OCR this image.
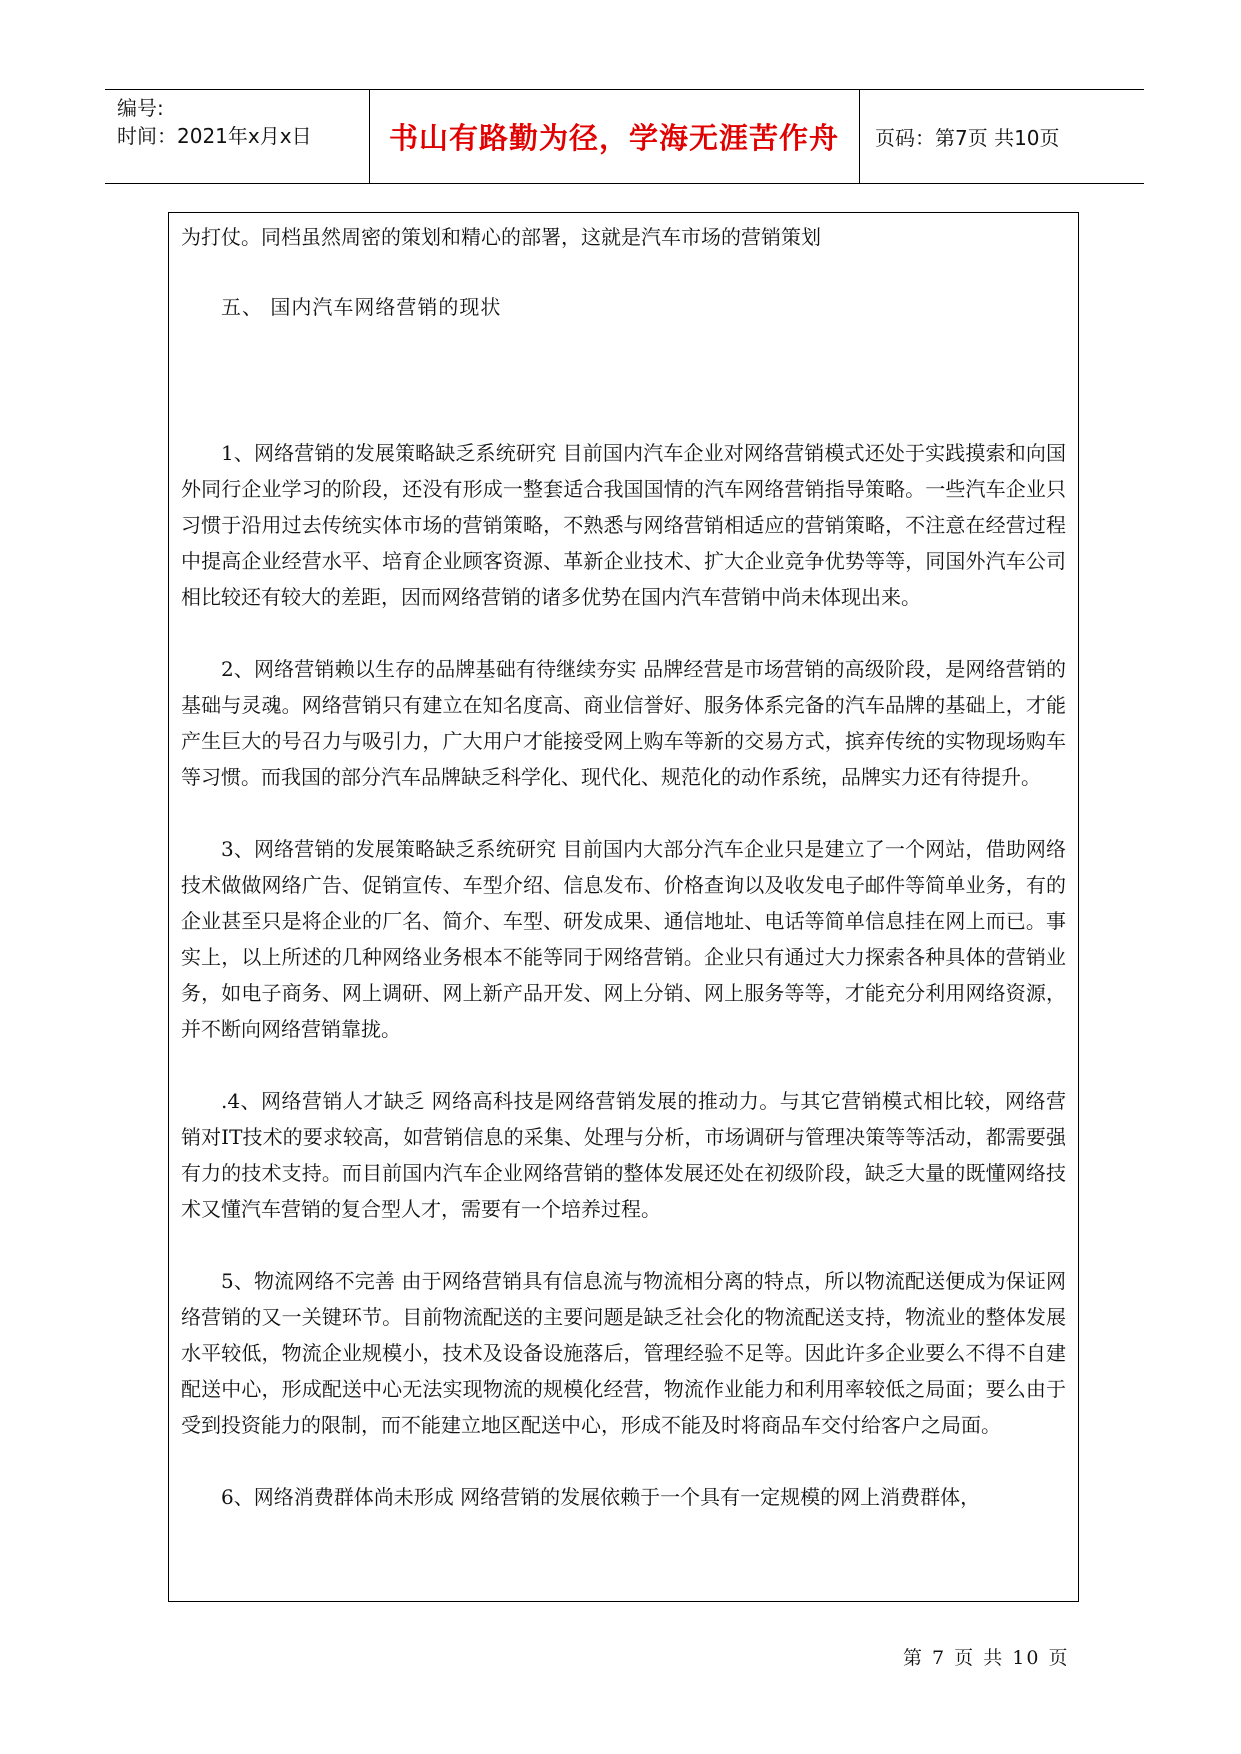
编号:
时间：2021年x月x日	书山有路勤为径，学海无涯苦作舟	页码：第7页 共10页

为打仗。同档虽然周密的策划和精心的部署，这就是汽车市场的营销策划

五、 国内汽车网络营销的现状

1、网络营销的发展策略缺乏系统研究 目前国内汽车企业对网络营销模式还处于实践摸索和向国外同行企业学习的阶段，还没有形成一整套适合我国国情的汽车网络营销指导策略。一些汽车企业只习惯于沿用过去传统实体市场的营销策略，不熟悉与网络营销相适应的营销策略，不注意在经营过程中提高企业经营水平、培育企业顾客资源、革新企业技术、扩大企业竞争优势等等，同国外汽车公司相比较还有较大的差距，因而网络营销的诸多优势在国内汽车营销中尚未体现出来。

2、网络营销赖以生存的品牌基础有待继续夯实 品牌经营是市场营销的高级阶段，是网络营销的基础与灵魂。网络营销只有建立在知名度高、商业信誉好、服务体系完备的汽车品牌的基础上，才能产生巨大的号召力与吸引力，广大用户才能接受网上购车等新的交易方式，摈弃传统的实物现场购车等习惯。而我国的部分汽车品牌缺乏科学化、现代化、规范化的动作系统，品牌实力还有待提升。

3、网络营销的发展策略缺乏系统研究 目前国内大部分汽车企业只是建立了一个网站，借助网络技术做做网络广告、促销宣传、车型介绍、信息发布、价格查询以及收发电子邮件等简单业务，有的企业甚至只是将企业的厂名、简介、车型、研发成果、通信地址、电话等简单信息挂在网上而已。事实上，以上所述的几种网络业务根本不能等同于网络营销。企业只有通过大力探索各种具体的营销业务，如电子商务、网上调研、网上新产品开发、网上分销、网上服务等等，才能充分利用网络资源，并不断向网络营销靠拢。

.4、网络营销人才缺乏 网络高科技是网络营销发展的推动力。与其它营销模式相比较，网络营销对IT技术的要求较高，如营销信息的采集、处理与分析，市场调研与管理决策等等活动，都需要强有力的技术支持。而目前国内汽车企业网络营销的整体发展还处在初级阶段，缺乏大量的既懂网络技术又懂汽车营销的复合型人才，需要有一个培养过程。

5、物流网络不完善 由于网络营销具有信息流与物流相分离的特点，所以物流配送便成为保证网络营销的又一关键环节。目前物流配送的主要问题是缺乏社会化的物流配送支持，物流业的整体发展水平较低，物流企业规模小，技术及设备设施落后，管理经验不足等。因此许多企业要么不得不自建配送中心，形成配送中心无法实现物流的规模化经营，物流作业能力和利用率较低之局面；要么由于受到投资能力的限制，而不能建立地区配送中心，形成不能及时将商品车交付给客户之局面。

6、网络消费群体尚未形成 网络营销的发展依赖于一个具有一定规模的网上消费群体，

第 7 页 共 10 页
